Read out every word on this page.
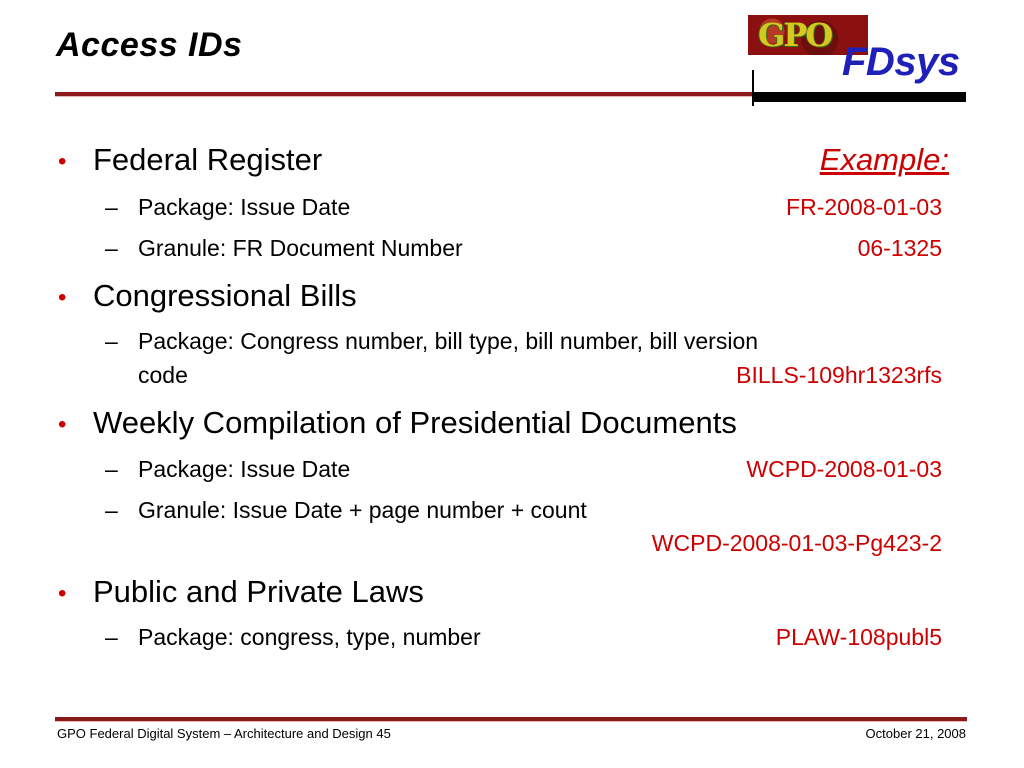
Access IDs	GPO
FDsys
• Federal Register	Example:
– Package: Issue Date	FR-2008-01-03
– Granule: FR Document Number	06-1325
• Congressional Bills
– Package: Congress number, bill type, bill number, bill version
code	BILLS-109hr1323rfs
• Weekly Compilation of Presidential Documents
– Package: Issue Date	WCPD-2008-01-03
– Granule: Issue Date + page number + count
WCPD-2008-01-03-Pg423-2
• Public and Private Laws
– Package: congress, type, number	PLAW-108publ5
GPO Federal Digital System – Architecture and Design 45	October 21, 2008
